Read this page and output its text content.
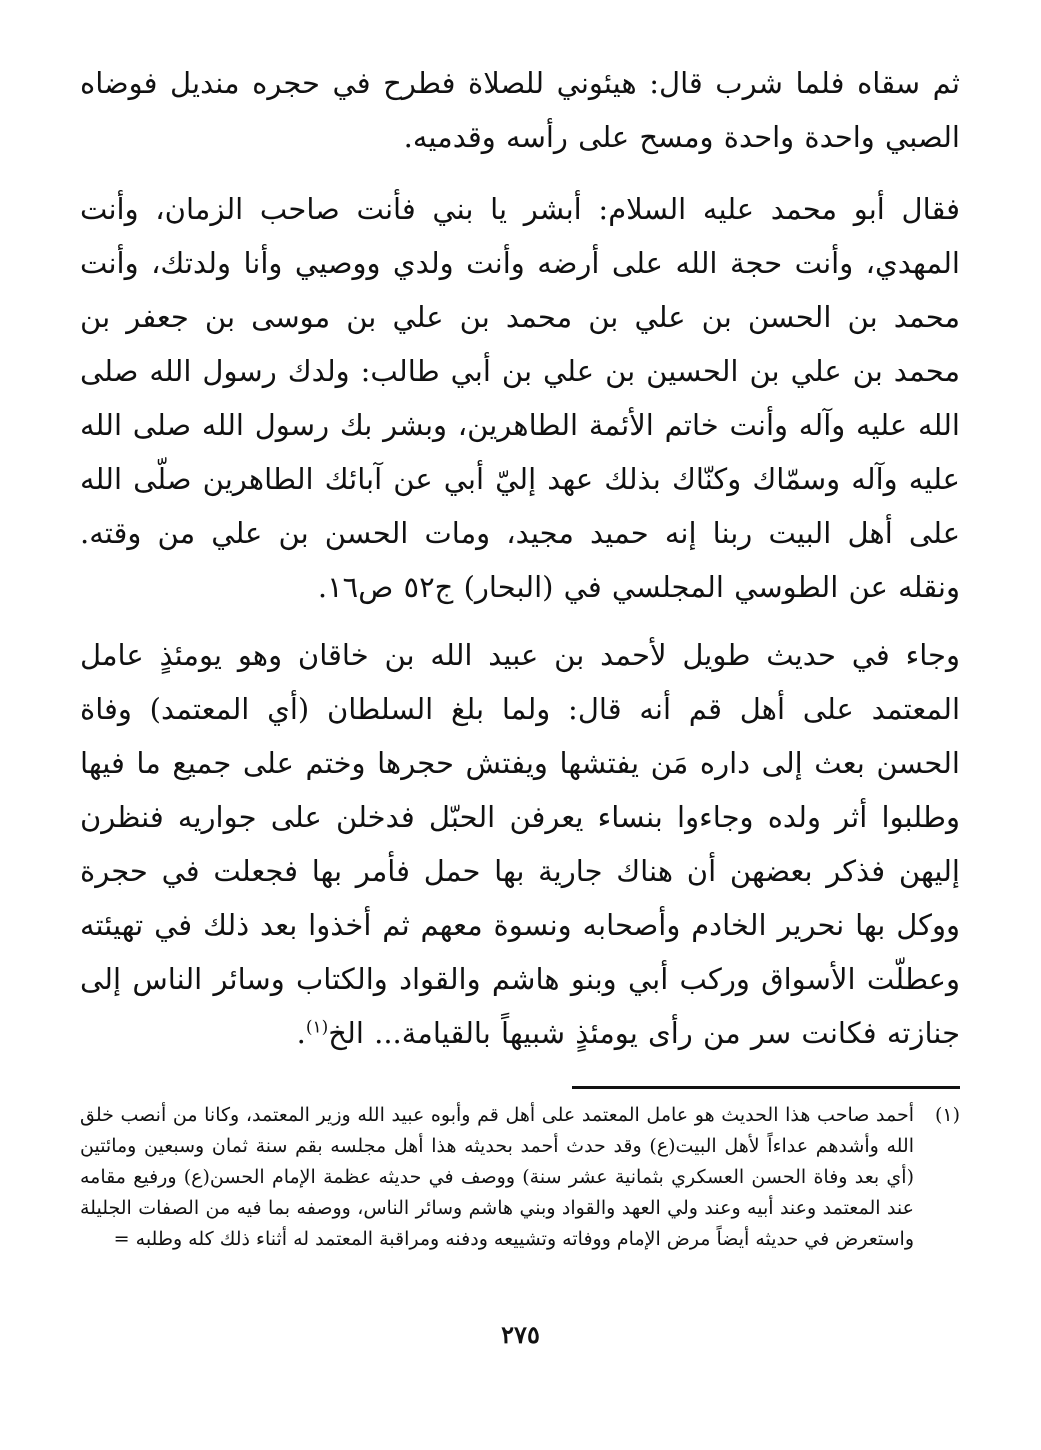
ثم سقاه فلما شرب قال: هيئوني للصلاة فطرح في حجره منديل فوضاه الصبي واحدة واحدة ومسح على رأسه وقدميه.

فقال أبو محمد عليه السلام: أبشر يا بني فأنت صاحب الزمان، وأنت المهدي، وأنت حجة الله على أرضه وأنت ولدي ووصيي وأنا ولدتك، وأنت محمد بن الحسن بن علي بن محمد بن علي بن موسى بن جعفر بن محمد بن علي بن الحسين بن علي بن أبي طالب: ولدك رسول الله صلى الله عليه وآله وأنت خاتم الأئمة الطاهرين، وبشر بك رسول الله صلى الله عليه وآله وسمّاك وكنّاك بذلك عهد إليّ أبي عن آبائك الطاهرين صلّى الله على أهل البيت ربنا إنه حميد مجيد، ومات الحسن بن علي من وقته. ونقله عن الطوسي المجلسي في (البحار) ج٥٢ ص١٦.

وجاء في حديث طويل لأحمد بن عبيد الله بن خاقان وهو يومئذٍ عامل المعتمد على أهل قم أنه قال: ولما بلغ السلطان (أي المعتمد) وفاة الحسن بعث إلى داره مَن يفتشها ويفتش حجرها وختم على جميع ما فيها وطلبوا أثر ولده وجاءوا بنساء يعرفن الحبّل فدخلن على جواريه فنظرن إليهن فذكر بعضهن أن هناك جارية بها حمل فأمر بها فجعلت في حجرة ووكل بها نحرير الخادم وأصحابه ونسوة معهم ثم أخذوا بعد ذلك في تهيئته وعطلّت الأسواق وركب أبي وبنو هاشم والقواد والكتاب وسائر الناس إلى جنازته فكانت سر من رأى يومئذٍ شبيهاً بالقيامة... الخ$^{(١)}$.

(١)
أحمد صاحب هذا الحديث هو عامل المعتمد على أهل قم وأبوه عبيد الله وزير المعتمد، وكانا من أنصب خلق الله وأشدهم عداءاً لأهل البيت(ع) وقد حدث أحمد بحديثه هذا أهل مجلسه بقم سنة ثمان وسبعين ومائتين (أي بعد وفاة الحسن العسكري بثمانية عشر سنة) ووصف في حديثه عظمة الإمام الحسن(ع) ورفيع مقامه عند المعتمد وعند أبيه وعند ولي العهد والقواد وبني هاشم وسائر الناس، ووصفه بما فيه من الصفات الجليلة واستعرض في حديثه أيضاً مرض الإمام ووفاته وتشييعه ودفنه ومراقبة المعتمد له أثناء ذلك كله وطلبه =
٢٧٥
